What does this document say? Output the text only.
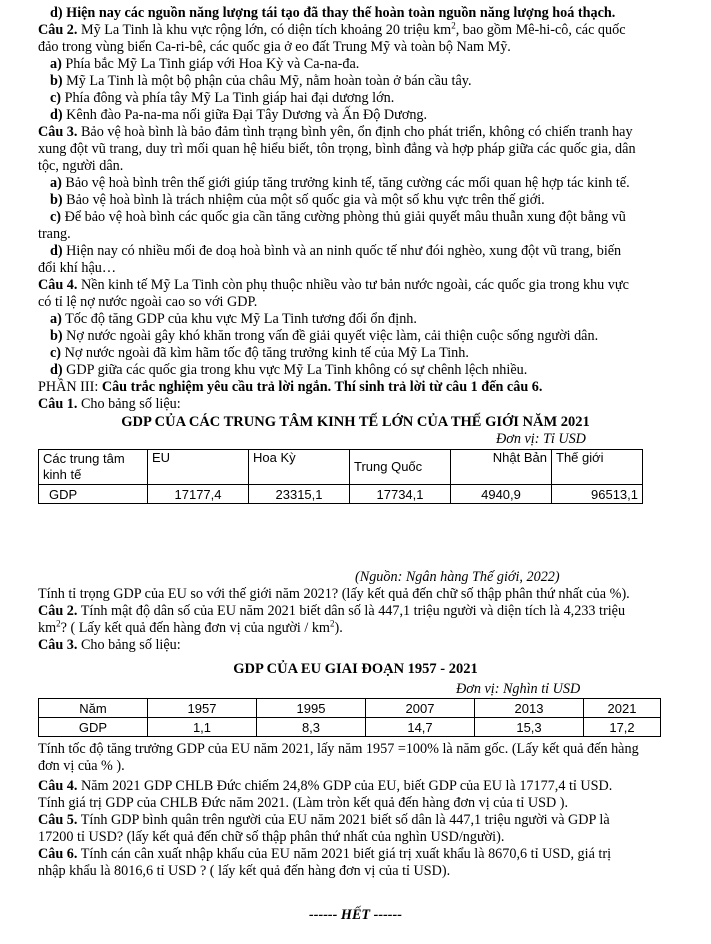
d) Hiện nay các nguồn năng lượng tái tạo đã thay thế hoàn toàn nguồn năng lượng hoá thạch.
Câu 2. Mỹ La Tinh là khu vực rộng lớn, có diện tích khoảng 20 triệu $km^2$, bao gồm Mê-hi-cô, các quốc
đảo trong vùng biển Ca-ri-bê, các quốc gia ở eo đất Trung Mỹ và toàn bộ Nam Mỹ.
a) Phía bắc Mỹ La Tinh giáp với Hoa Kỳ và Ca-na-đa.
b) Mỹ La Tinh là một bộ phận của châu Mỹ, nằm hoàn toàn ở bán cầu tây.
c) Phía đông và phía tây Mỹ La Tinh giáp hai đại dương lớn.
d) Kênh đào Pa-na-ma nối giữa Đại Tây Dương và Ấn Độ Dương.
Câu 3. Bảo vệ hoà bình là bảo đảm tình trạng bình yên, ổn định cho phát triển, không có chiến tranh hay
xung đột vũ trang, duy trì mối quan hệ hiểu biết, tôn trọng, bình đẳng và hợp pháp giữa các quốc gia, dân
tộc, người dân.
a) Bảo vệ hoà bình trên thế giới giúp tăng trưởng kinh tế, tăng cường các mối quan hệ hợp tác kinh tế.
b) Bảo vệ hoà bình là trách nhiệm của một số quốc gia và một số khu vực trên thế giới.
c) Để bảo vệ hoà bình các quốc gia cần tăng cường phòng thủ giải quyết mâu thuẫn xung đột bằng vũ
trang.
d) Hiện nay có nhiều mối đe doạ hoà bình và an ninh quốc tế như đói nghèo, xung đột vũ trang, biến
đổi khí hậu…
Câu 4. Nền kinh tế Mỹ La Tinh còn phụ thuộc nhiều vào tư bản nước ngoài, các quốc gia trong khu vực
có tỉ lệ nợ nước ngoài cao so với GDP.
a) Tốc độ tăng GDP của khu vực Mỹ La Tinh tương đối ổn định.
b) Nợ nước ngoài gây khó khăn trong vấn đề giải quyết việc làm, cải thiện cuộc sống người dân.
c) Nợ nước ngoài đã kìm hãm tốc độ tăng trưởng kinh tế của Mỹ La Tinh.
d) GDP giữa các quốc gia trong khu vực Mỹ La Tinh không có sự chênh lệch nhiều.
PHẦN III: Câu trắc nghiệm yêu cầu trả lời ngắn. Thí sinh trả lời từ câu 1 đến câu 6.
Câu 1. Cho bảng số liệu:
GDP CỦA CÁC TRUNG TÂM KINH TẾ LỚN CỦA THẾ GIỚI NĂM 2021
Đơn vị: Tỉ USD
Các trung tâm kinh tế	EU	Hoa Kỳ	Trung Quốc	Nhật Bản	Thế giới
GDP	17177,4	23315,1	17734,1	4940,9	96513,1
(Nguồn: Ngân hàng Thế giới, 2022)
Tính tỉ trọng GDP của EU so với thế giới năm 2021? (lấy kết quả đến chữ số thập phân thứ nhất của %).
Câu 2. Tính mật độ dân số của EU năm 2021 biết dân số là 447,1 triệu người và diện tích là 4,233 triệu
$km^2$? ( Lấy kết quả đến hàng đơn vị của người / $km^2$).
Câu 3. Cho bảng số liệu:
GDP CỦA EU GIAI ĐOẠN 1957 - 2021
Đơn vị: Nghìn tỉ USD
Năm	1957	1995	2007	2013	2021
GDP	1,1	8,3	14,7	15,3	17,2
Tính tốc độ tăng trưởng GDP của EU năm 2021, lấy năm 1957 =100% là năm gốc. (Lấy kết quả đến hàng
đơn vị của % ).
Câu 4. Năm 2021 GDP CHLB Đức chiếm 24,8% GDP của EU, biết GDP của EU là 17177,4 tỉ USD.
Tính giá trị GDP của CHLB Đức năm 2021. (Làm tròn kết quả đến hàng đơn vị của tỉ USD ).
Câu 5. Tính GDP bình quân trên người của EU năm 2021 biết số dân là 447,1 triệu người và GDP là
17200 tỉ USD? (lấy kết quả đến chữ số thập phân thứ nhất của nghìn USD/người).
Câu 6. Tính cán cân xuất nhập khẩu của EU năm 2021 biết giá trị xuất khẩu là 8670,6 tỉ USD, giá trị
nhập khẩu là 8016,6 tỉ USD ? ( lấy kết quả đến hàng đơn vị của tỉ USD).
------ HẾT ------
